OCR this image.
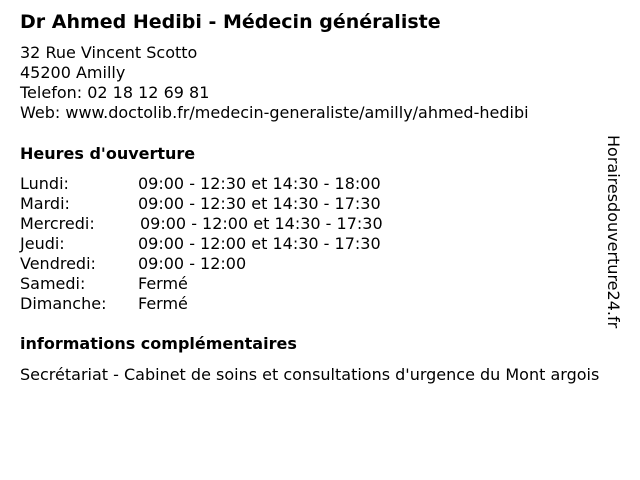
Dr Ahmed Hedibi - Médecin généraliste
32 Rue Vincent Scotto
45200 Amilly
Telefon: 02 18 12 69 81
Web: www.doctolib.fr/medecin-generaliste/amilly/ahmed-hedibi
Heures d'ouverture
Lundi:	09:00 - 12:30 et 14:30 - 18:00
Mardi:	09:00 - 12:30 et 14:30 - 17:30
Mercredi:	09:00 - 12:00 et 14:30 - 17:30
Jeudi:	09:00 - 12:00 et 14:30 - 17:30
Vendredi:	09:00 - 12:00
Samedi:	Fermé
Dimanche: Fermé
informations complémentaires
Secrétariat - Cabinet de soins et consultations d'urgence du Mont argois
Horairesdouverture24.fr
